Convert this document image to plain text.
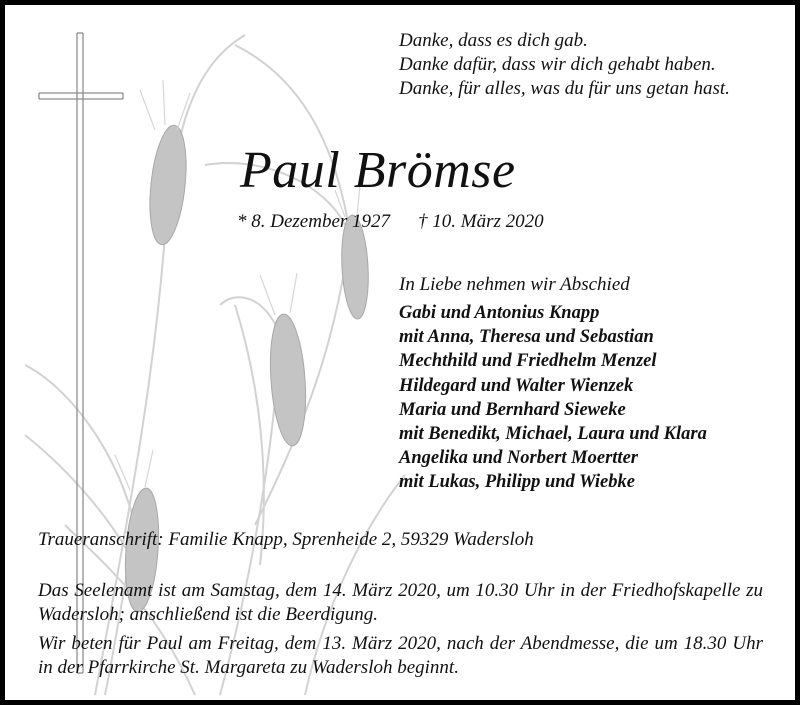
Danke, dass es dich gab.
Danke dafür, dass wir dich gehabt haben.
Danke, für alles, was du für uns getan hast.
Paul Brömse
* 8. Dezember 1927 † 10. März 2020
In Liebe nehmen wir Abschied
Gabi und Antonius Knapp
mit Anna, Theresa und Sebastian
Mechthild und Friedhelm Menzel
Hildegard und Walter Wienzek
Maria und Bernhard Sieweke
mit Benedikt, Michael, Laura und Klara
Angelika und Norbert Moertter
mit Lukas, Philipp und Wiebke
Traueranschrift: Familie Knapp, Sprenheide 2, 59329 Wadersloh
Das Seelenamt ist am Samstag, dem 14. März 2020, um 10.30 Uhr in der Friedhofskapelle zu Wadersloh; anschließend ist die Beerdigung.
Wir beten für Paul am Freitag, dem 13. März 2020, nach der Abendmesse, die um 18.30 Uhr in der Pfarrkirche St. Margareta zu Wadersloh beginnt.
